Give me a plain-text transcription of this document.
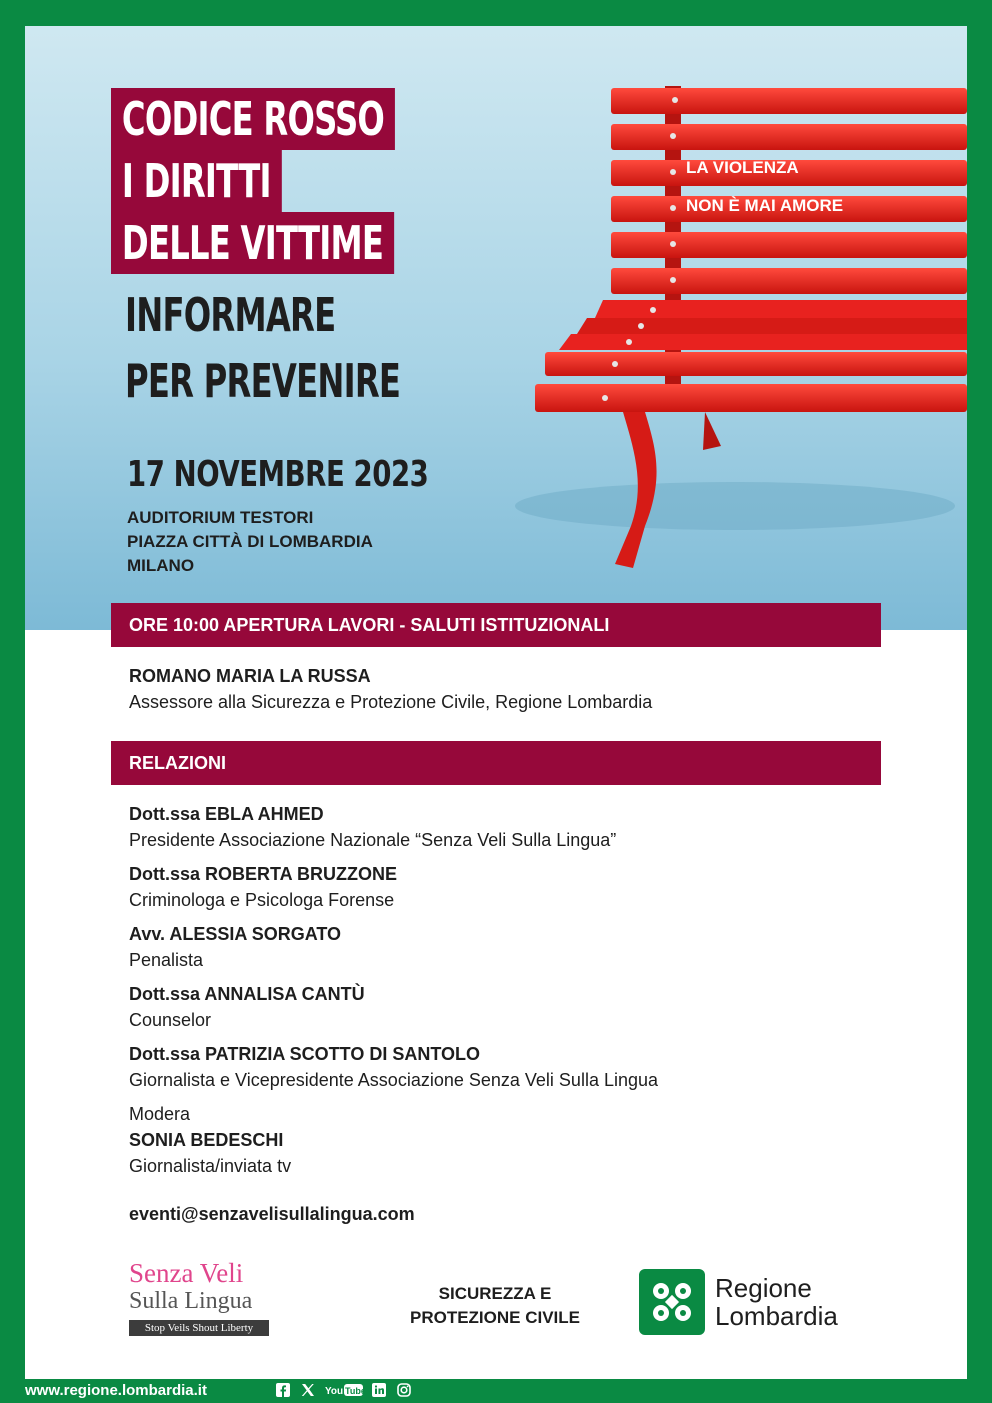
CODICE ROSSO
I DIRITTI
DELLE VITTIME
INFORMARE
PER PREVENIRE
LA VIOLENZA
NON È MAI AMORE
17 NOVEMBRE 2023
AUDITORIUM TESTORI
PIAZZA CITTÀ DI LOMBARDIA
MILANO
ORE 10:00 APERTURA LAVORI - SALUTI ISTITUZIONALI
ROMANO MARIA LA RUSSA
Assessore alla Sicurezza e Protezione Civile, Regione Lombardia
RELAZIONI
Dott.ssa EBLA AHMED
Presidente Associazione Nazionale “Senza Veli Sulla Lingua”
Dott.ssa ROBERTA BRUZZONE
Criminologa e Psicologa Forense
Avv. ALESSIA SORGATO
Penalista
Dott.ssa ANNALISA CANTÙ
Counselor
Dott.ssa PATRIZIA SCOTTO DI SANTOLO
Giornalista e Vicepresidente Associazione Senza Veli Sulla Lingua
Modera
SONIA BEDESCHI
Giornalista/inviata tv
eventi@senzavelisullalingua.com
Senza Veli
Sulla Lingua
Stop Veils Shout Liberty
SICUREZZA E
PROTEZIONE CIVILE
Regione
Lombardia
www.regione.lombardia.it	You Tube
